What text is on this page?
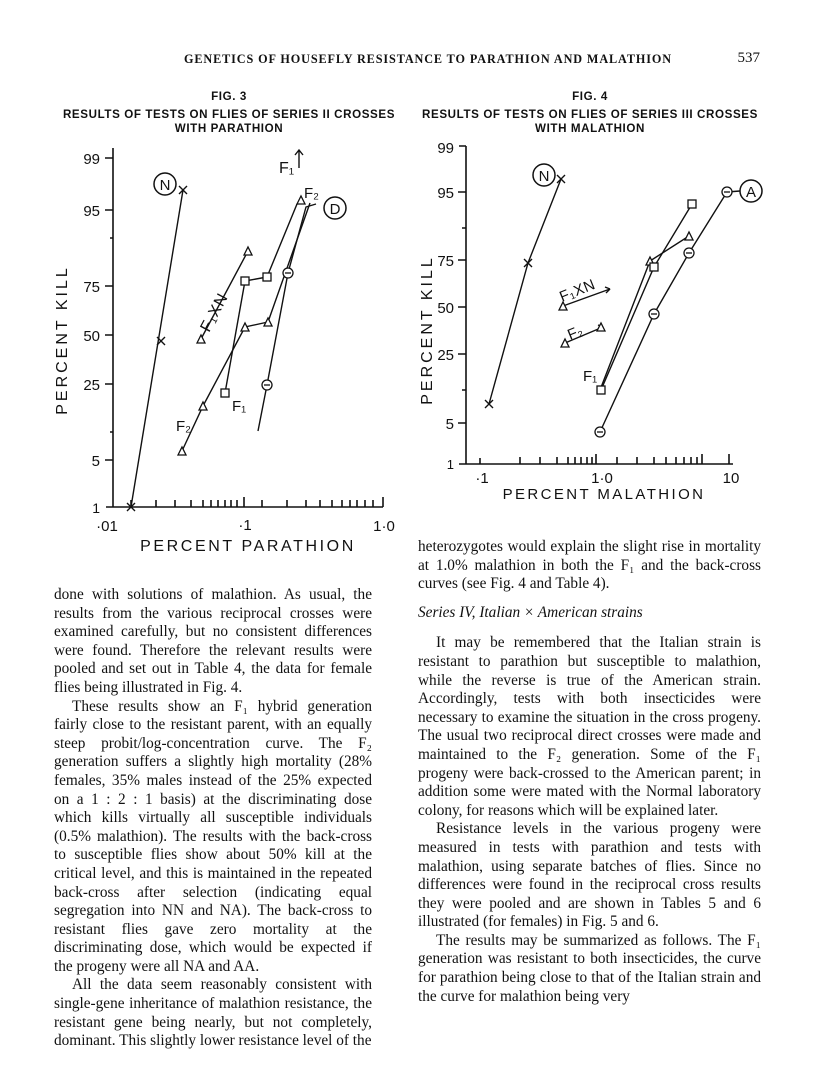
GENETICS OF HOUSEFLY RESISTANCE TO PARATHION AND MALATHION	537
FIG. 3
RESULTS OF TESTS ON FLIES OF SERIES II CROSSES
WITH PARATHION
FIG. 4
RESULTS OF TESTS ON FLIES OF SERIES III CROSSES
WITH MALATHION
99
95
75
50
25
5
1
·01	·1	1·0
PERCENT PARATHION
PERCENT KILL
N
F₁
F₂
D
F₁XN
F₂
F₁
99
95
75
50
25
5
1
·1	1·0	10
PERCENT MALATHION
PERCENT KILL
N
A
F₁XN
F₂
F₁

done with solutions of malathion. As usual, the results from the various reciprocal crosses were examined carefully, but no consistent differences were found. Therefore the relevant results were pooled and set out in Table 4, the data for female flies being illustrated in Fig. 4.

These results show an F₁ hybrid generation fairly close to the resistant parent, with an equally steep probit/log-concentration curve. The F₂ generation suffers a slightly high mortality (28% females, 35% males instead of the 25% expected on a 1 : 2 : 1 basis) at the discriminating dose which kills virtually all susceptible individuals (0.5% malathion). The results with the back-cross to susceptible flies show about 50% kill at the critical level, and this is maintained in the repeated back-cross after selection (indicating equal segregation into NN and NA). The back-cross to resistant flies gave zero mortality at the discriminating dose, which would be expected if the progeny were all NA and AA.

All the data seem reasonably consistent with single-gene inheritance of malathion resistance, the resistant gene being nearly, but not completely, dominant. This slightly lower resistance level of the

heterozygotes would explain the slight rise in mortality at 1.0% malathion in both the F₁ and the back-cross curves (see Fig. 4 and Table 4).

Series IV, Italian × American strains

It may be remembered that the Italian strain is resistant to parathion but susceptible to malathion, while the reverse is true of the American strain. Accordingly, tests with both insecticides were necessary to examine the situation in the cross progeny. The usual two reciprocal direct crosses were made and maintained to the F₂ generation. Some of the F₁ progeny were back-crossed to the American parent; in addition some were mated with the Normal laboratory colony, for reasons which will be explained later.

Resistance levels in the various progeny were measured in tests with parathion and tests with malathion, using separate batches of flies. Since no differences were found in the reciprocal cross results they were pooled and are shown in Tables 5 and 6 illustrated (for females) in Fig. 5 and 6.

The results may be summarized as follows. The F₁ generation was resistant to both insecticides, the curve for parathion being close to that of the Italian strain and the curve for malathion being very
